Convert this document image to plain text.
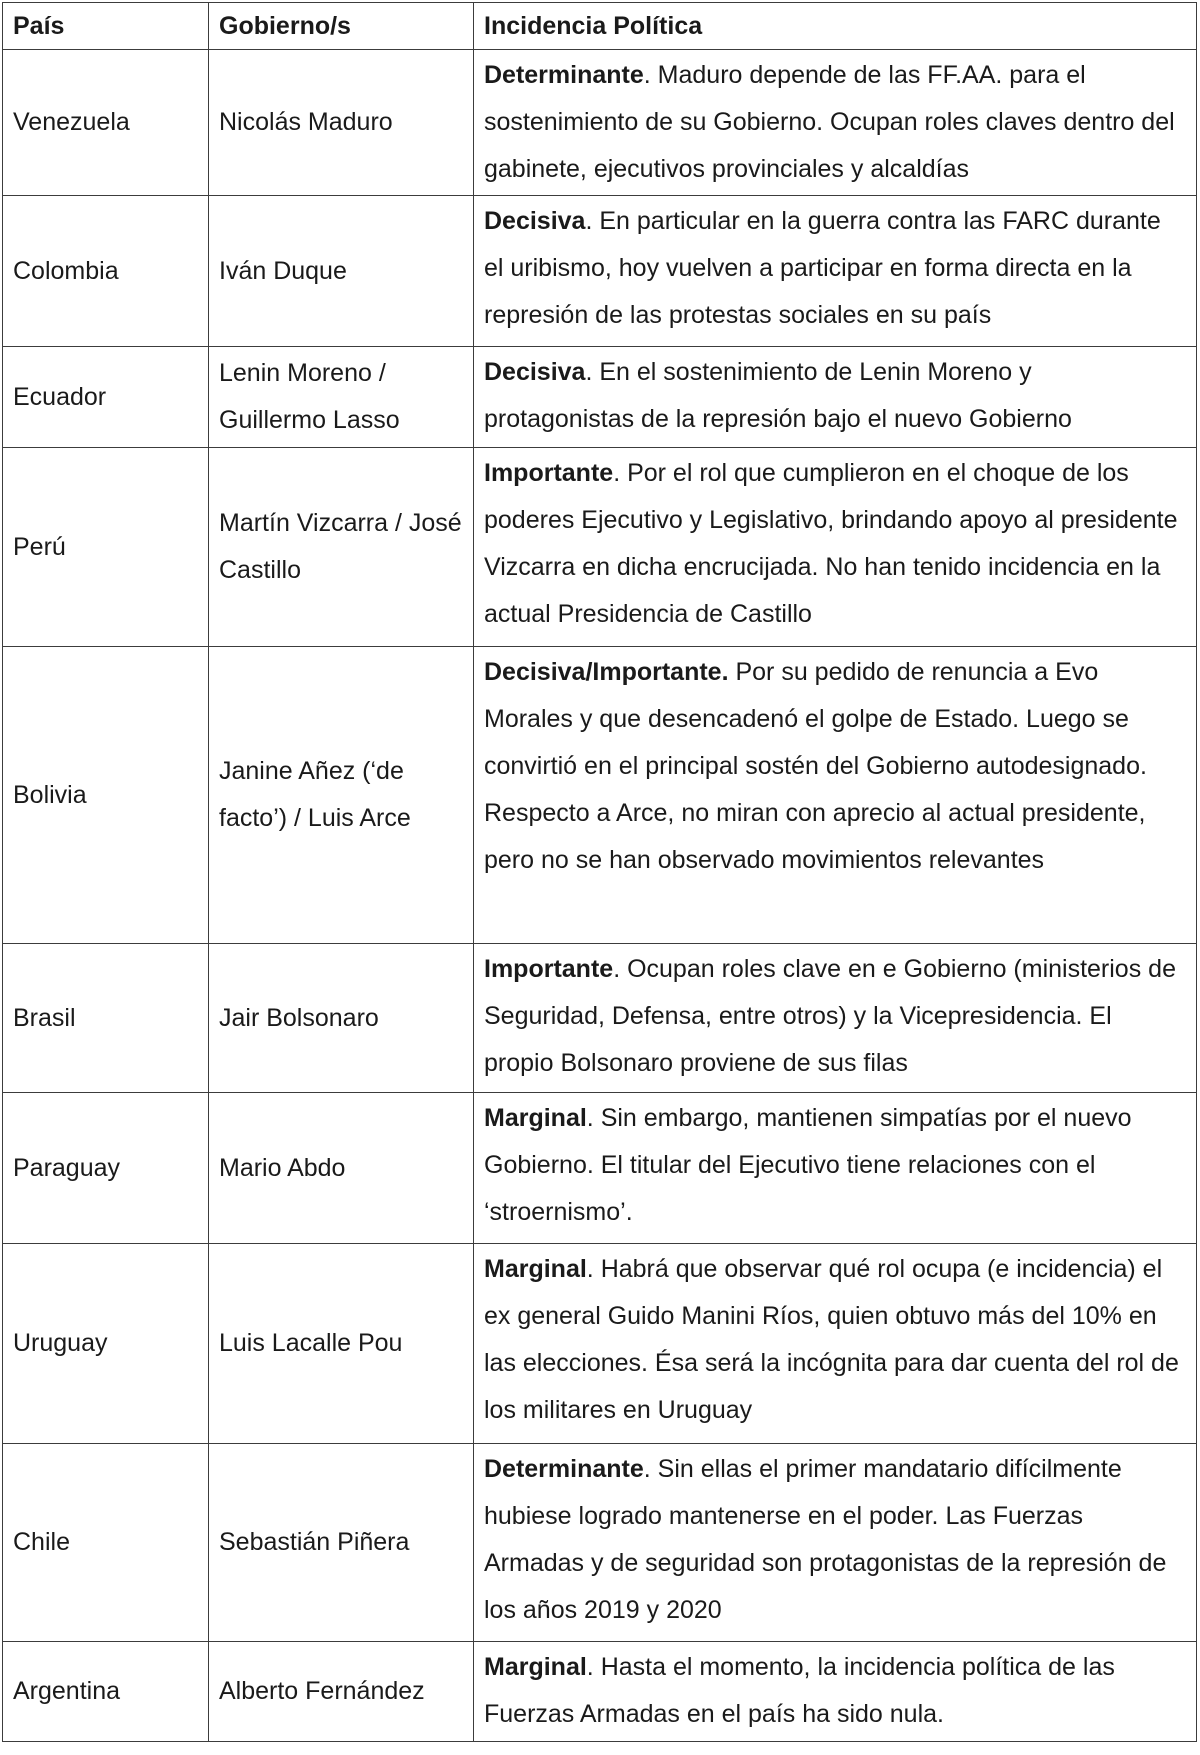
País	Gobierno/s	Incidencia Política
Venezuela	Nicolás Maduro	Determinante. Maduro depende de las FF.AA. para el sostenimiento de su Gobierno. Ocupan roles claves dentro del gabinete, ejecutivos provinciales y alcaldías
Colombia	Iván Duque	Decisiva. En particular en la guerra contra las FARC durante el uribismo, hoy vuelven a participar en forma directa en la represión de las protestas sociales en su país
Ecuador	Lenin Moreno / Guillermo Lasso	Decisiva. En el sostenimiento de Lenin Moreno y protagonistas de la represión bajo el nuevo Gobierno
Perú	Martín Vizcarra / José Castillo	Importante. Por el rol que cumplieron en el choque de los poderes Ejecutivo y Legislativo, brindando apoyo al presidente Vizcarra en dicha encrucijada. No han tenido incidencia en la actual Presidencia de Castillo
Bolivia	Janine Añez (‘de facto’) / Luis Arce	Decisiva/Importante. Por su pedido de renuncia a Evo Morales y que desencadenó el golpe de Estado. Luego se convirtió en el principal sostén del Gobierno autodesignado. Respecto a Arce, no miran con aprecio al actual presidente, pero no se han observado movimientos relevantes
Brasil	Jair Bolsonaro	Importante. Ocupan roles clave en e Gobierno (ministerios de Seguridad, Defensa, entre otros) y la Vicepresidencia. El propio Bolsonaro proviene de sus filas
Paraguay	Mario Abdo	Marginal. Sin embargo, mantienen simpatías por el nuevo Gobierno. El titular del Ejecutivo tiene relaciones con el ‘stroernismo’.
Uruguay	Luis Lacalle Pou	Marginal. Habrá que observar qué rol ocupa (e incidencia) el ex general Guido Manini Ríos, quien obtuvo más del 10% en las elecciones. Ésa será la incógnita para dar cuenta del rol de los militares en Uruguay
Chile	Sebastián Piñera	Determinante. Sin ellas el primer mandatario difícilmente hubiese logrado mantenerse en el poder. Las Fuerzas Armadas y de seguridad son protagonistas de la represión de los años 2019 y 2020
Argentina	Alberto Fernández	Marginal. Hasta el momento, la incidencia política de las Fuerzas Armadas en el país ha sido nula.
